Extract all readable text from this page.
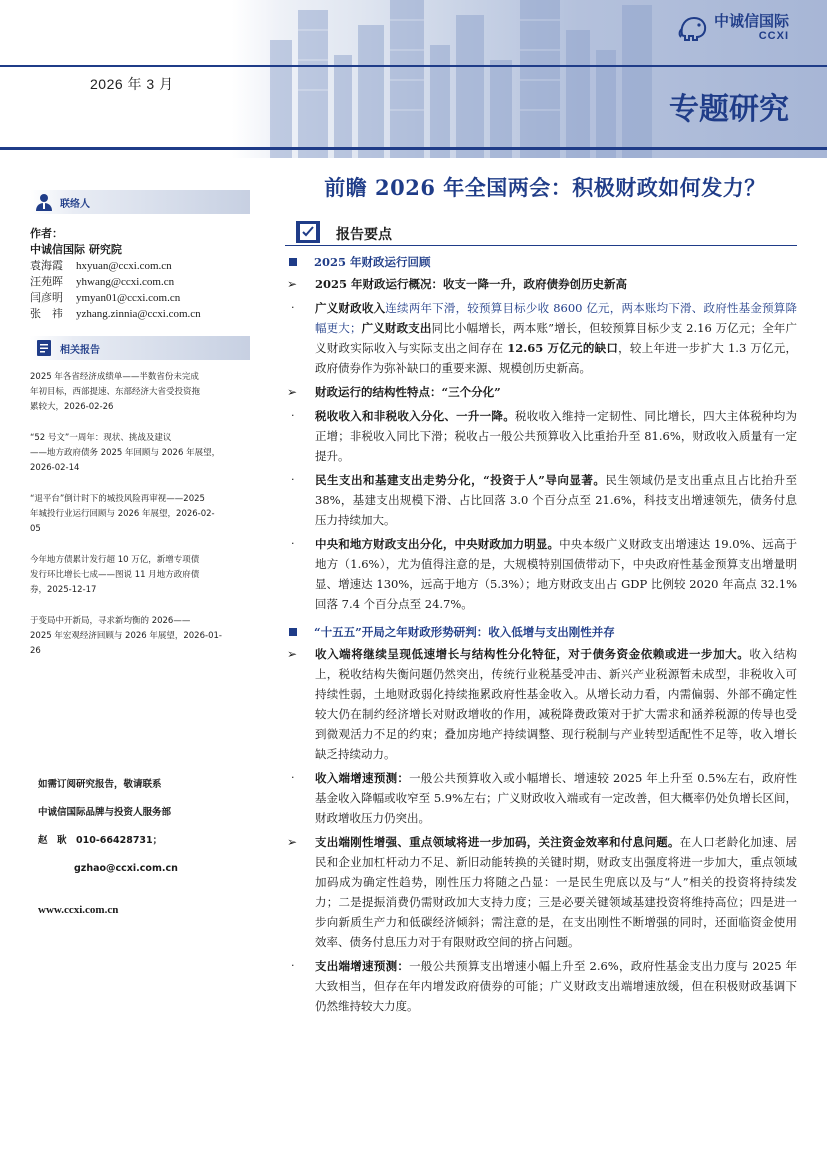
2026 年 3 月
专题研究
中诚信国际
CCXI
联络人
作者：
中诚信国际 研究院
袁海霞	hxyuan@ccxi.com.cn
汪苑晖	yhwang@ccxi.com.cn
闫彦明	ymyan01@ccxi.com.cn
张　祎	yzhang.zinnia@ccxi.com.cn
相关报告
2025 年各省经济成绩单——半数省份未完成
年初目标，西部提速、东部经济大省受投资拖
累较大，2026-02-26
“52 号文”一周年：现状、挑战及建议
——地方政府债务 2025 年回顾与 2026 年展望，
2026-02-14
“退平台”倒计时下的城投风险再审视——2025
年城投行业运行回顾与 2026 年展望，2026-02-
05
今年地方债累计发行超 10 万亿，新增专项债
发行环比增长七成——图说 11 月地方政府债
券，2025-12-17
于变局中开新局，寻求新均衡的 2026——
2025 年宏观经济回顾与 2026 年展望，2026-01-
26
如需订阅研究报告，敬请联系
中诚信国际品牌与投资人服务部
赵　耿　010-66428731；
gzhao@ccxi.com.cn
www.ccxi.com.cn
前瞻 2026 年全国两会：积极财政如何发力？
报告要点
2025 年财政运行回顾
➢ 2025 年财政运行概况：收支一降一升，政府债券创历史新高
· 广义财政收入连续两年下滑，较预算目标少收 8600 亿元，两本账均下滑、政府性基金预算降幅更大；广义财政支出同比小幅增长，两本账”增长，但较预算目标少支 2.16 万亿元；全年广义财政实际收入与实际支出之间存在 12.65 万亿元的缺口，较上年进一步扩大 1.3 万亿元，政府债券作为弥补缺口的重要来源、规模创历史新高。
➢ 财政运行的结构性特点：“三个分化”
· 税收收入和非税收入分化、一升一降。税收收入维持一定韧性、同比增长，四大主体税种均为正增；非税收入同比下滑；税收占一般公共预算收入比重抬升至 81.6%，财政收入质量有一定提升。
· 民生支出和基建支出走势分化，“投资于人”导向显著。民生领域仍是支出重点且占比抬升至 38%，基建支出规模下滑、占比回落 3.0 个百分点至 21.6%，科技支出增速领先，债务付息压力持续加大。
· 中央和地方财政支出分化，中央财政加力明显。中央本级广义财政支出增速达 19.0%、远高于地方（1.6%），尤为值得注意的是，大规模特别国债带动下，中央政府性基金预算支出增量明显、增速达 130%，远高于地方（5.3%）；地方财政支出占 GDP 比例较 2020 年高点 32.1% 回落 7.4 个百分点至 24.7%。
“十五五”开局之年财政形势研判：收入低增与支出刚性并存
➢ 收入端将继续呈现低速增长与结构性分化特征，对于债务资金依赖或进一步加大。收入结构上，税收结构失衡问题仍然突出，传统行业税基受冲击、新兴产业税源暂未成型，非税收入可持续性弱，土地财政弱化持续拖累政府性基金收入。从增长动力看，内需偏弱、外部不确定性较大仍在制约经济增长对财政增收的作用，减税降费政策对于扩大需求和涵养税源的传导也受到微观活力不足的约束；叠加房地产持续调整、现行税制与产业转型适配性不足等，收入增长缺乏持续动力。
· 收入端增速预测：一般公共预算收入或小幅增长、增速较 2025 年上升至 0.5%左右，政府性基金收入降幅或收窄至 5.9%左右；广义财政收入端或有一定改善，但大概率仍处负增长区间，财政增收压力仍突出。
➢ 支出端刚性增强、重点领域将进一步加码，关注资金效率和付息问题。在人口老龄化加速、居民和企业加杠杆动力不足、新旧动能转换的关键时期，财政支出强度将进一步加大，重点领域加码成为确定性趋势，刚性压力将随之凸显：一是民生兜底以及与“人”相关的投资将持续发力；二是提振消费仍需财政加大支持力度；三是必要关键领域基建投资将维持高位；四是进一步向新质生产力和低碳经济倾斜；需注意的是，在支出刚性不断增强的同时，还面临资金使用效率、债务付息压力对于有限财政空间的挤占问题。
· 支出端增速预测：一般公共预算支出增速小幅上升至 2.6%，政府性基金支出力度与 2025 年大致相当，但存在年内增发政府债券的可能；广义财政支出端增速放缓，但在积极财政基调下仍然维持较大力度。
